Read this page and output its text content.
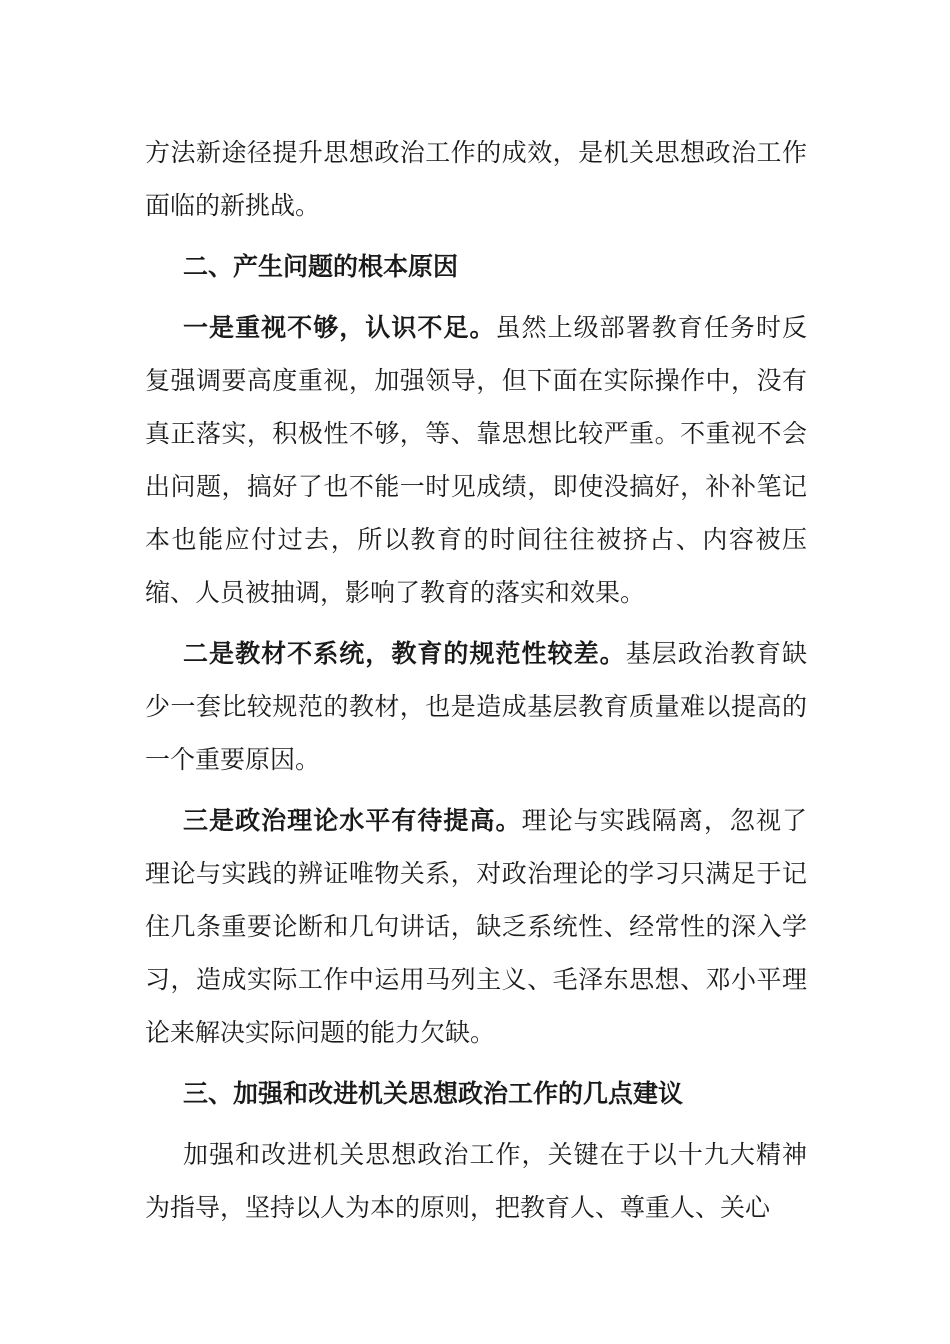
方法新途径提升思想政治工作的成效，是机关思想政治工作面临的新挑战。

二、产生问题的根本原因

一是重视不够，认识不足。虽然上级部署教育任务时反复强调要高度重视，加强领导，但下面在实际操作中，没有真正落实，积极性不够，等、靠思想比较严重。不重视不会出问题，搞好了也不能一时见成绩，即使没搞好，补补笔记本也能应付过去，所以教育的时间往往被挤占、内容被压缩、人员被抽调，影响了教育的落实和效果。

二是教材不系统，教育的规范性较差。基层政治教育缺少一套比较规范的教材，也是造成基层教育质量难以提高的一个重要原因。

三是政治理论水平有待提高。理论与实践隔离，忽视了理论与实践的辨证唯物关系，对政治理论的学习只满足于记住几条重要论断和几句讲话，缺乏系统性、经常性的深入学习，造成实际工作中运用马列主义、毛泽东思想、邓小平理论来解决实际问题的能力欠缺。

三、加强和改进机关思想政治工作的几点建议

加强和改进机关思想政治工作，关键在于以十九大精神为指导，坚持以人为本的原则，把教育人、尊重人、关心
